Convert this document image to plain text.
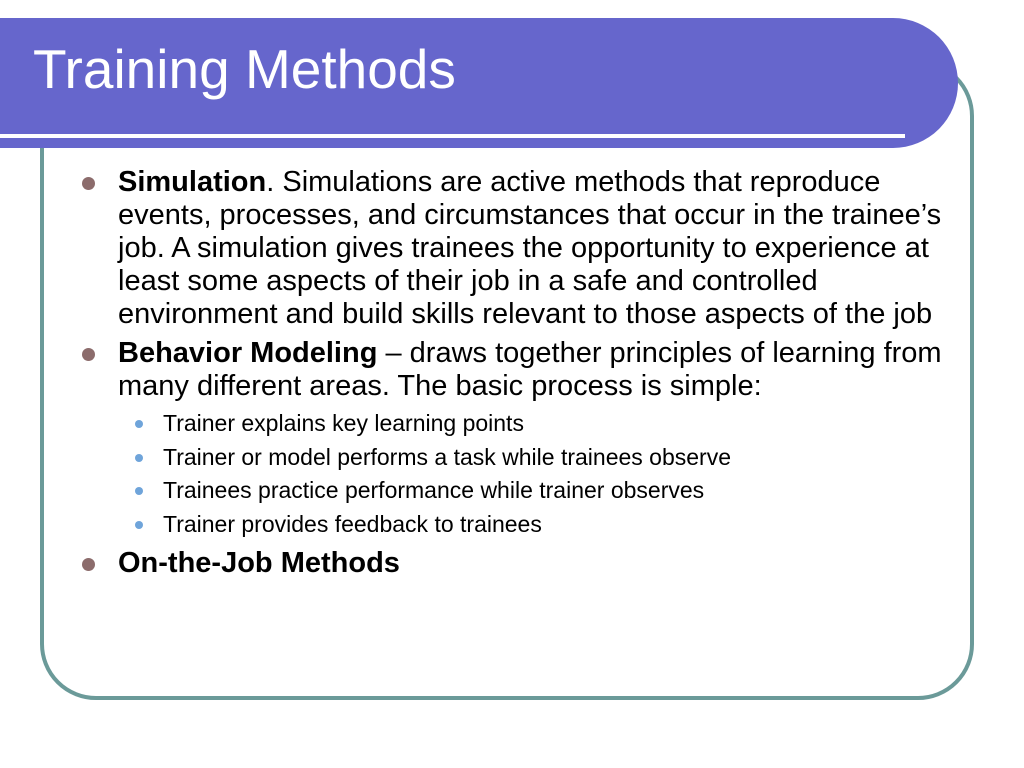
Training Methods
Simulation. Simulations are active methods that reproduce events, processes, and circumstances that occur in the trainee’s job. A simulation gives trainees the opportunity to experience at least some aspects of their job in a safe and controlled environment and build skills relevant to those aspects of the job
Behavior Modeling – draws together principles of learning from many different areas. The basic process is simple:
Trainer explains key learning points
Trainer or model performs a task while trainees observe
Trainees practice performance while trainer observes
Trainer provides feedback to trainees
On-the-Job Methods
